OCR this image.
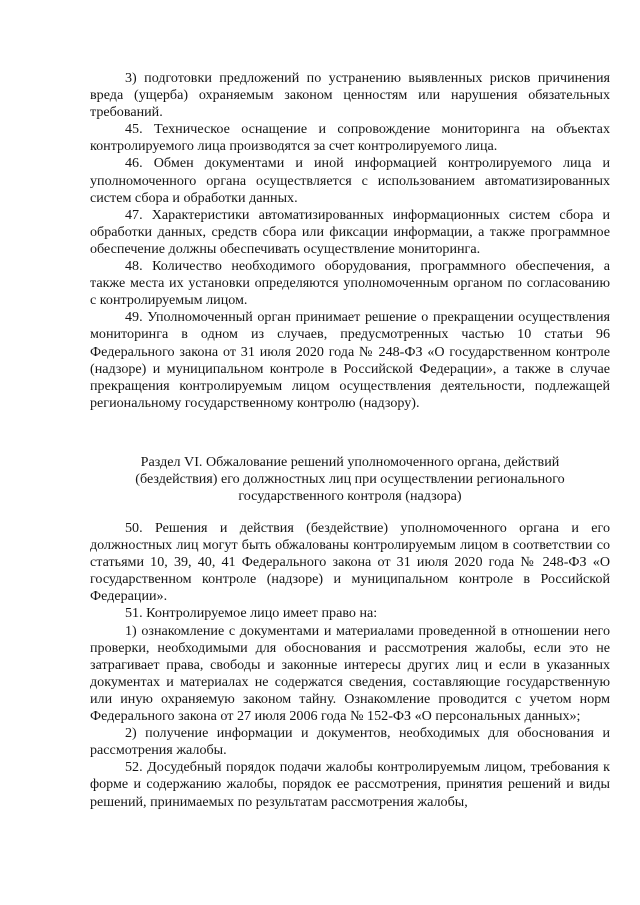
3) подготовки предложений по устранению выявленных рисков причинения вреда (ущерба) охраняемым законом ценностям или нарушения обязательных требований.

45. Техническое оснащение и сопровождение мониторинга на объектах контролируемого лица производятся за счет контролируемого лица.

46. Обмен документами и иной информацией контролируемого лица и уполномоченного органа осуществляется с использованием автоматизированных систем сбора и обработки данных.

47. Характеристики автоматизированных информационных систем сбора и обработки данных, средств сбора или фиксации информации, а также программное обеспечение должны обеспечивать осуществление мониторинга.

48. Количество необходимого оборудования, программного обеспечения, а также места их установки определяются уполномоченным органом по согласованию с контролируемым лицом.

49. Уполномоченный орган принимает решение о прекращении осуществления мониторинга в одном из случаев, предусмотренных частью 10 статьи 96 Федерального закона от 31 июля 2020 года № 248-ФЗ «О государственном контроле (надзоре) и муниципальном контроле в Российской Федерации», а также в случае прекращения контролируемым лицом осуществления деятельности, подлежащей региональному государственному контролю (надзору).

Раздел VI. Обжалование решений уполномоченного органа, действий
(бездействия) его должностных лиц при осуществлении регионального
государственного контроля (надзора)

50. Решения и действия (бездействие) уполномоченного органа и его должностных лиц могут быть обжалованы контролируемым лицом в соответствии со статьями 10, 39, 40, 41 Федерального закона от 31 июля 2020 года № 248-ФЗ «О государственном контроле (надзоре) и муниципальном контроле в Российской Федерации».

51. Контролируемое лицо имеет право на:

1) ознакомление с документами и материалами проведенной в отношении него проверки, необходимыми для обоснования и рассмотрения жалобы, если это не затрагивает права, свободы и законные интересы других лиц и если в указанных документах и материалах не содержатся сведения, составляющие государственную или иную охраняемую законом тайну. Ознакомление проводится с учетом норм Федерального закона от 27 июля 2006 года № 152-ФЗ «О персональных данных»;

2) получение информации и документов, необходимых для обоснования и рассмотрения жалобы.

52. Досудебный порядок подачи жалобы контролируемым лицом, требования к форме и содержанию жалобы, порядок ее рассмотрения, принятия решений и виды решений, принимаемых по результатам рассмотрения жалобы,
